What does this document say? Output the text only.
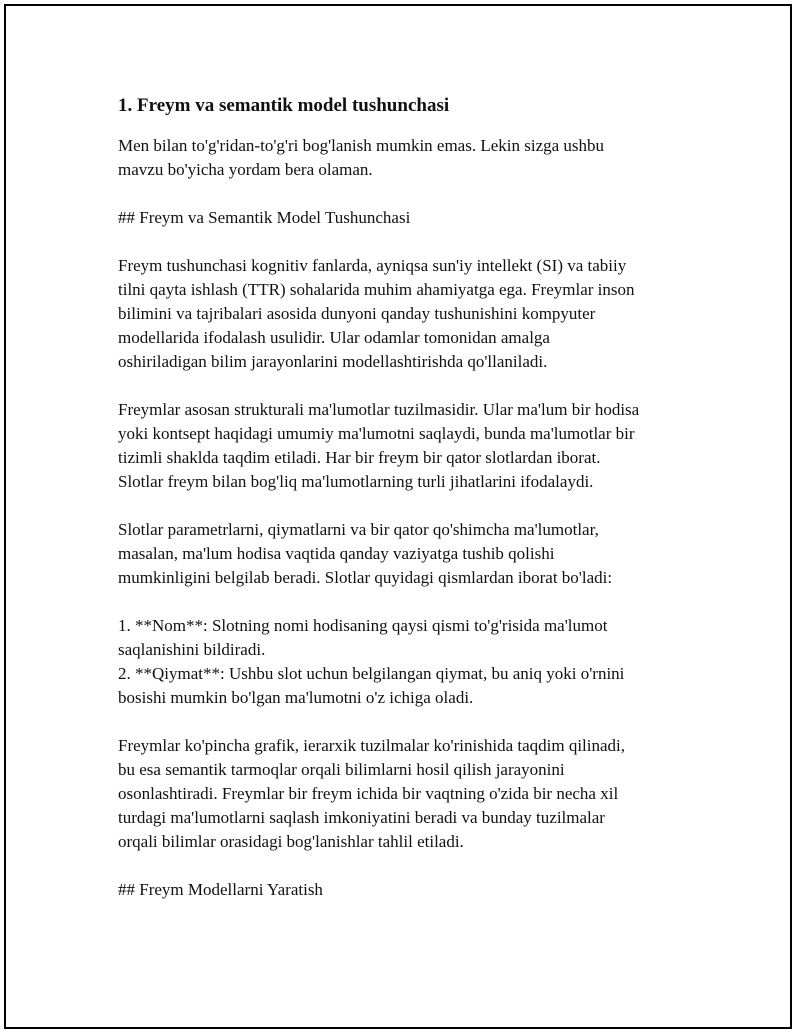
1. Freym va semantik model tushunchasi

Men bilan to'g'ridan-to'g'ri bog'lanish mumkin emas. Lekin sizga ushbu
mavzu bo'yicha yordam bera olaman.

## Freym va Semantik Model Tushunchasi

Freym tushunchasi kognitiv fanlarda, ayniqsa sun'iy intellekt (SI) va tabiiy
tilni qayta ishlash (TTR) sohalarida muhim ahamiyatga ega. Freymlar inson
bilimini va tajribalari asosida dunyoni qanday tushunishini kompyuter
modellarida ifodalash usulidir. Ular odamlar tomonidan amalga
oshiriladigan bilim jarayonlarini modellashtirishda qo'llaniladi.

Freymlar asosan strukturali ma'lumotlar tuzilmasidir. Ular ma'lum bir hodisa
yoki kontsept haqidagi umumiy ma'lumotni saqlaydi, bunda ma'lumotlar bir
tizimli shaklda taqdim etiladi. Har bir freym bir qator slotlardan iborat.
Slotlar freym bilan bog'liq ma'lumotlarning turli jihatlarini ifodalaydi.

Slotlar parametrlarni, qiymatlarni va bir qator qo'shimcha ma'lumotlar,
masalan, ma'lum hodisa vaqtida qanday vaziyatga tushib qolishi
mumkinligini belgilab beradi. Slotlar quyidagi qismlardan iborat bo'ladi:

1. **Nom**: Slotning nomi hodisaning qaysi qismi to'g'risida ma'lumot
saqlanishini bildiradi.
2. **Qiymat**: Ushbu slot uchun belgilangan qiymat, bu aniq yoki o'rnini
bosishi mumkin bo'lgan ma'lumotni o'z ichiga oladi.

Freymlar ko'pincha grafik, ierarxik tuzilmalar ko'rinishida taqdim qilinadi,
bu esa semantik tarmoqlar orqali bilimlarni hosil qilish jarayonini
osonlashtiradi. Freymlar bir freym ichida bir vaqtning o'zida bir necha xil
turdagi ma'lumotlarni saqlash imkoniyatini beradi va bunday tuzilmalar
orqali bilimlar orasidagi bog'lanishlar tahlil etiladi.

## Freym Modellarni Yaratish
